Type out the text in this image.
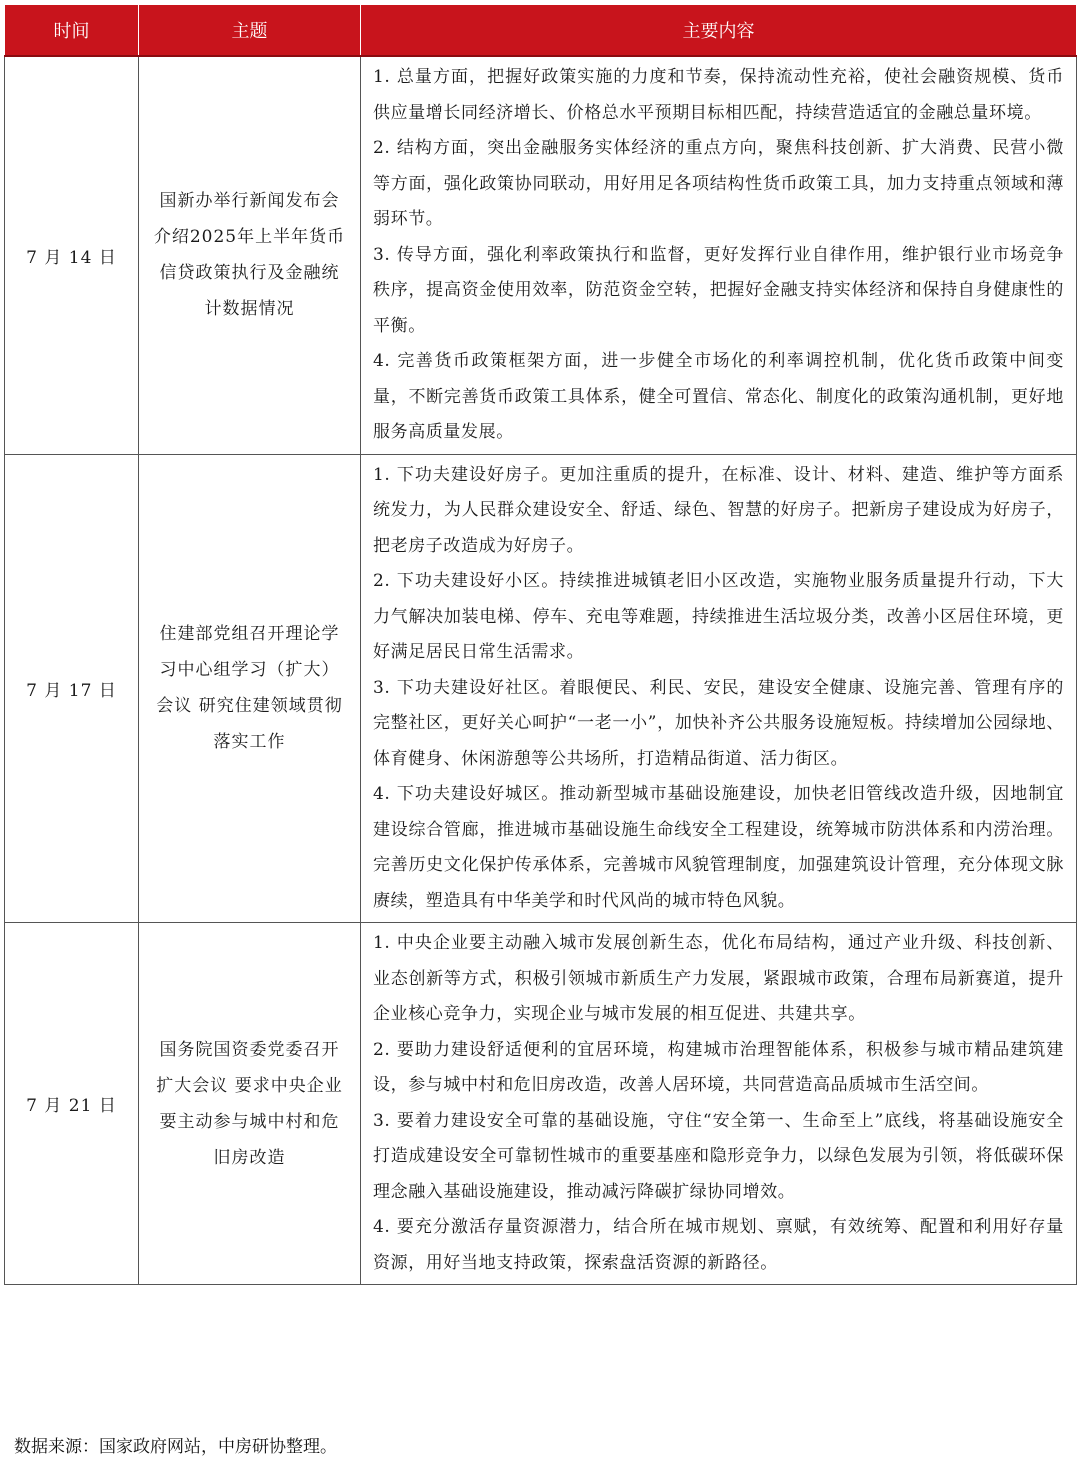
时间	主题	主要内容
7 月 14 日	国新办举行新闻发布会 介绍2025年上半年货币信贷政策执行及金融统计数据情况	1. 总量方面，把握好政策实施的力度和节奏，保持流动性充裕，使社会融资规模、货币供应量增长同经济增长、价格总水平预期目标相匹配，持续营造适宜的金融总量环境。
2. 结构方面，突出金融服务实体经济的重点方向，聚焦科技创新、扩大消费、民营小微等方面，强化政策协同联动，用好用足各项结构性货币政策工具，加力支持重点领域和薄弱环节。
3. 传导方面，强化利率政策执行和监督，更好发挥行业自律作用，维护银行业市场竞争秩序，提高资金使用效率，防范资金空转，把握好金融支持实体经济和保持自身健康性的平衡。
4. 完善货币政策框架方面，进一步健全市场化的利率调控机制，优化货币政策中间变量，不断完善货币政策工具体系，健全可置信、常态化、制度化的政策沟通机制，更好地服务高质量发展。

7 月 17 日	住建部党组召开理论学习中心组学习（扩大）会议 研究住建领域贯彻落实工作	1. 下功夫建设好房子。更加注重质的提升，在标准、设计、材料、建造、维护等方面系统发力，为人民群众建设安全、舒适、绿色、智慧的好房子。把新房子建设成为好房子，把老房子改造成为好房子。
2. 下功夫建设好小区。持续推进城镇老旧小区改造，实施物业服务质量提升行动，下大力气解决加装电梯、停车、充电等难题，持续推进生活垃圾分类，改善小区居住环境，更好满足居民日常生活需求。
3. 下功夫建设好社区。着眼便民、利民、安民，建设安全健康、设施完善、管理有序的完整社区，更好关心呵护“一老一小”，加快补齐公共服务设施短板。持续增加公园绿地、体育健身、休闲游憩等公共场所，打造精品街道、活力街区。
4. 下功夫建设好城区。推动新型城市基础设施建设，加快老旧管线改造升级，因地制宜建设综合管廊，推进城市基础设施生命线安全工程建设，统筹城市防洪体系和内涝治理。完善历史文化保护传承体系，完善城市风貌管理制度，加强建筑设计管理，充分体现文脉赓续，塑造具有中华美学和时代风尚的城市特色风貌。

7 月 21 日	国务院国资委党委召开扩大会议 要求中央企业要主动参与城中村和危旧房改造	1. 中央企业要主动融入城市发展创新生态，优化布局结构，通过产业升级、科技创新、业态创新等方式，积极引领城市新质生产力发展，紧跟城市政策，合理布局新赛道，提升企业核心竞争力，实现企业与城市发展的相互促进、共建共享。
2. 要助力建设舒适便利的宜居环境，构建城市治理智能体系，积极参与城市精品建筑建设，参与城中村和危旧房改造，改善人居环境，共同营造高品质城市生活空间。
3. 要着力建设安全可靠的基础设施，守住“安全第一、生命至上”底线，将基础设施安全打造成建设安全可靠韧性城市的重要基座和隐形竞争力，以绿色发展为引领，将低碳环保理念融入基础设施建设，推动减污降碳扩绿协同增效。
4. 要充分激活存量资源潜力，结合所在城市规划、禀赋，有效统筹、配置和利用好存量资源，用好当地支持政策，探索盘活资源的新路径。
数据来源：国家政府网站，中房研协整理。
